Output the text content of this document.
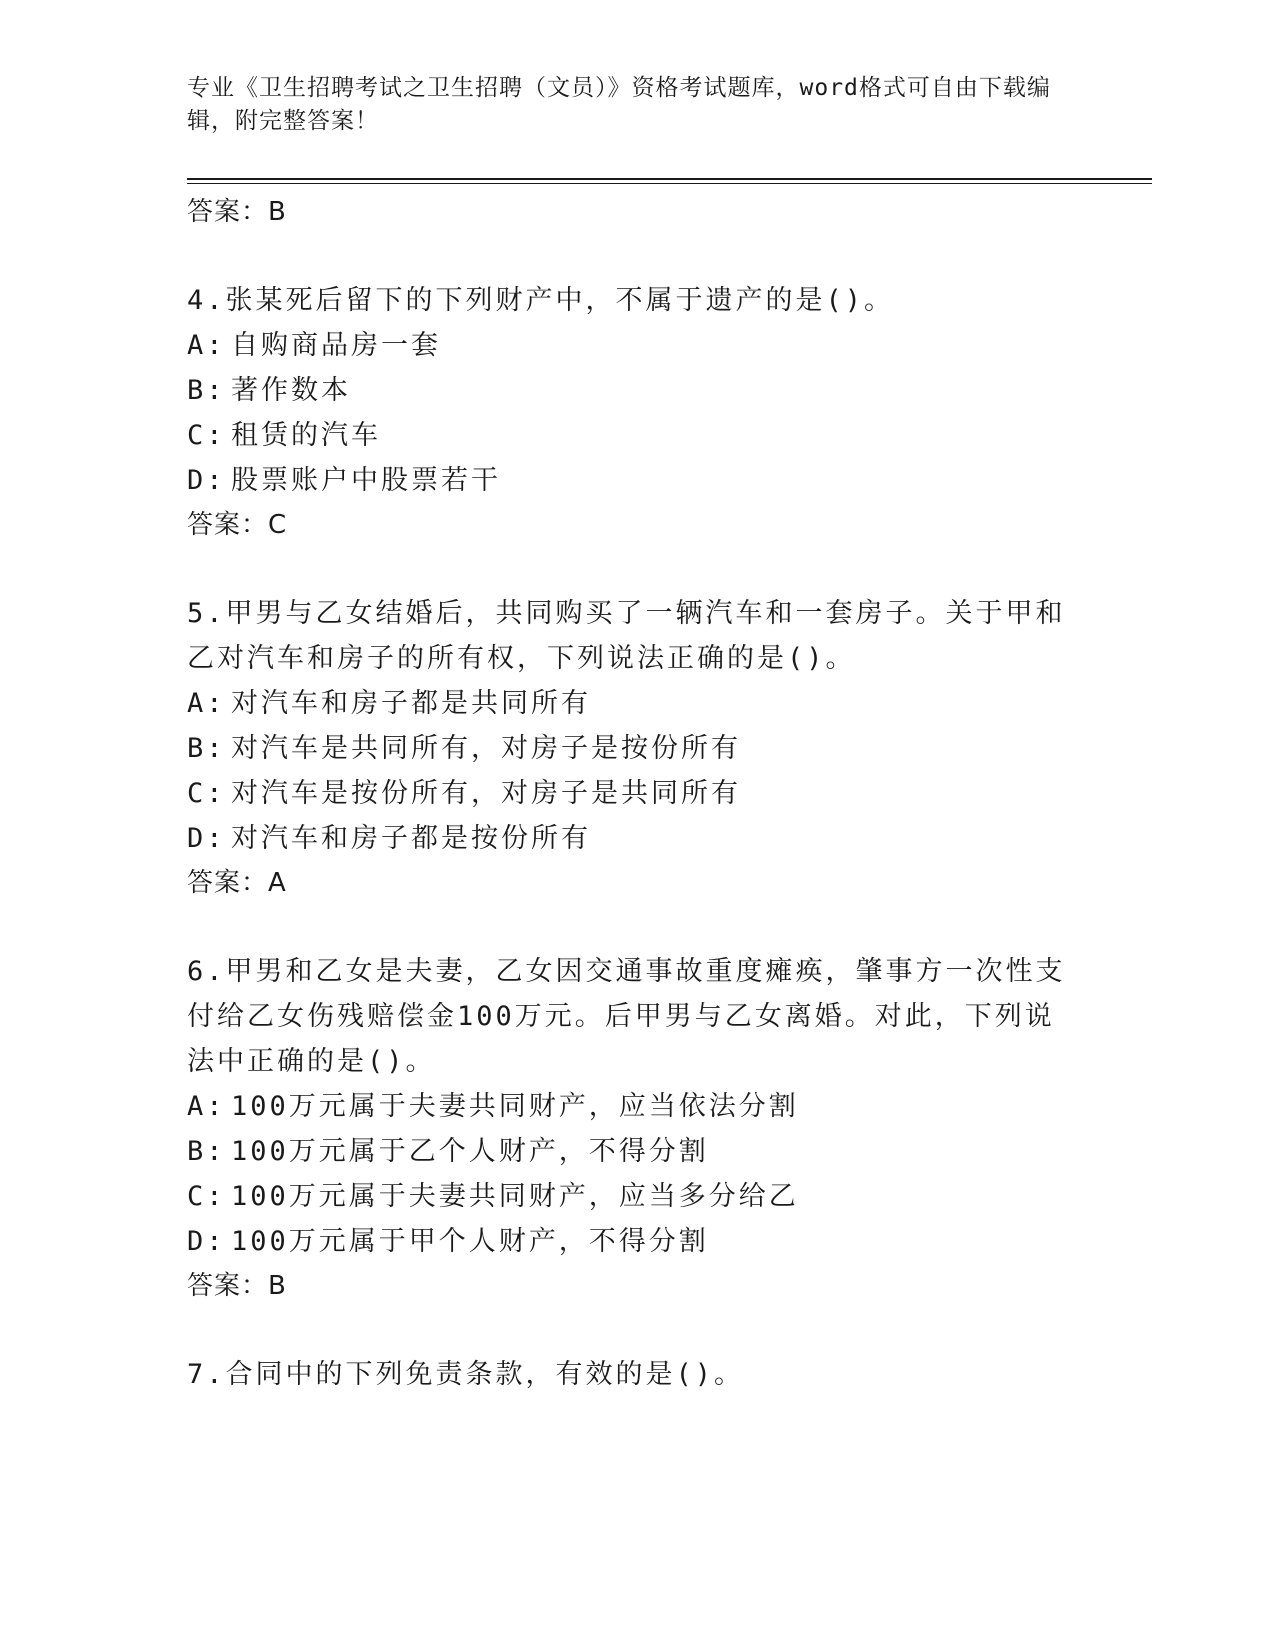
专业《卫生招聘考试之卫生招聘（文员）》资格考试题库，word格式可自由下载编辑，附完整答案！

答案：B

4.张某死后留下的下列财产中，不属于遗产的是()。

A: 自购商品房一套

B: 著作数本

C: 租赁的汽车

D: 股票账户中股票若干

答案：C

5.甲男与乙女结婚后，共同购买了一辆汽车和一套房子。关于甲和乙对汽车和房子的所有权，下列说法正确的是()。

A: 对汽车和房子都是共同所有

B: 对汽车是共同所有，对房子是按份所有

C: 对汽车是按份所有，对房子是共同所有

D: 对汽车和房子都是按份所有

答案：A

6.甲男和乙女是夫妻，乙女因交通事故重度瘫痪，肇事方一次性支付给乙女伤残赔偿金100万元。后甲男与乙女离婚。对此，下列说法中正确的是()。

A: 100万元属于夫妻共同财产，应当依法分割

B: 100万元属于乙个人财产，不得分割

C: 100万元属于夫妻共同财产，应当多分给乙

D: 100万元属于甲个人财产，不得分割

答案：B

7.合同中的下列免责条款，有效的是()。
